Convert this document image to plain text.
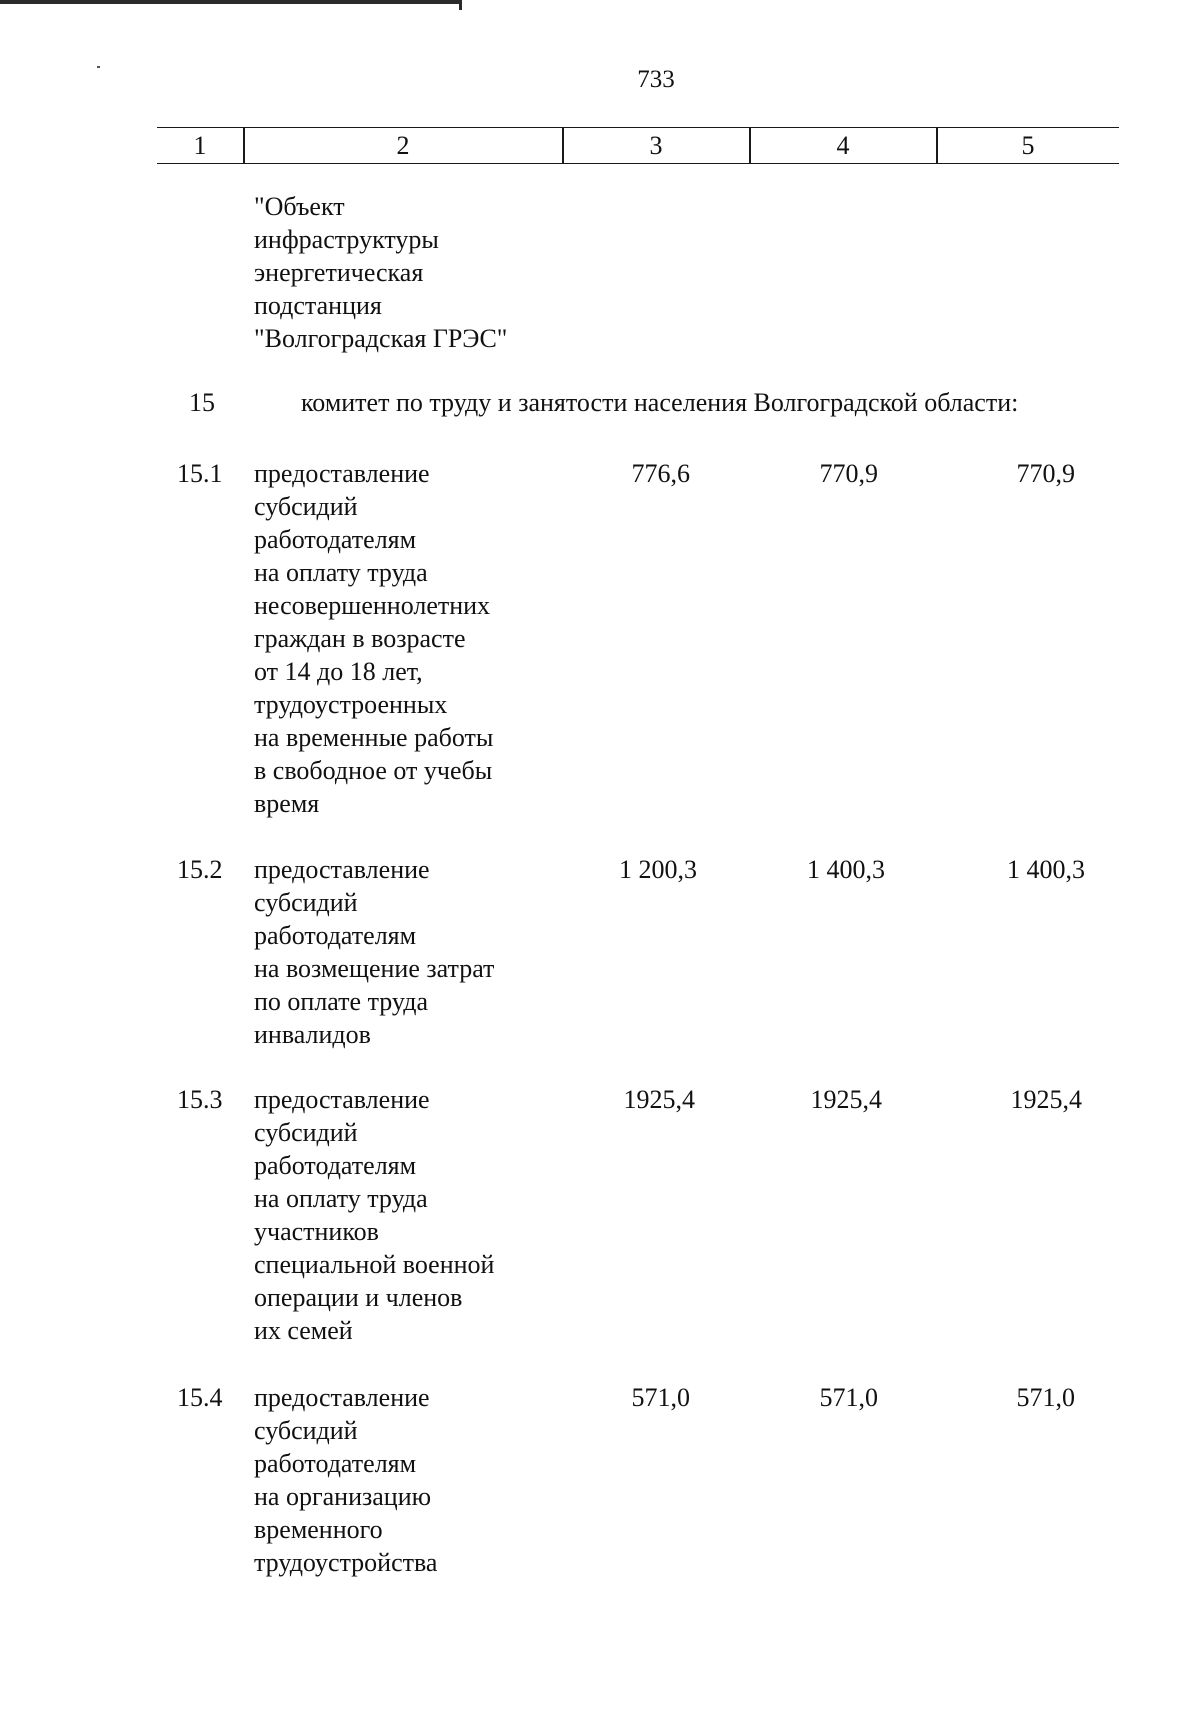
733
1	2	3	4	5
"Объект
инфраструктуры
энергетическая
подстанция
"Волгоградская ГРЭС"
15	комитет по труду и занятости населения Волгоградской области:
15.1 предоставление
субсидий
работодателям
на оплату труда
несовершеннолетних
граждан в возрасте
от 14 до 18 лет,
трудоустроенных
на временные работы
в свободное от учебы
время
776,6	770,9	770,9
15.2 предоставление
субсидий
работодателям
на возмещение затрат
по оплате труда
инвалидов
1 200,3	1 400,3	1 400,3
15.3 предоставление
субсидий
работодателям
на оплату труда
участников
специальной военной
операции и членов
их семей
1925,4	1925,4	1925,4
15.4 предоставление
субсидий
работодателям
на организацию
временного
трудоустройства
571,0	571,0	571,0
